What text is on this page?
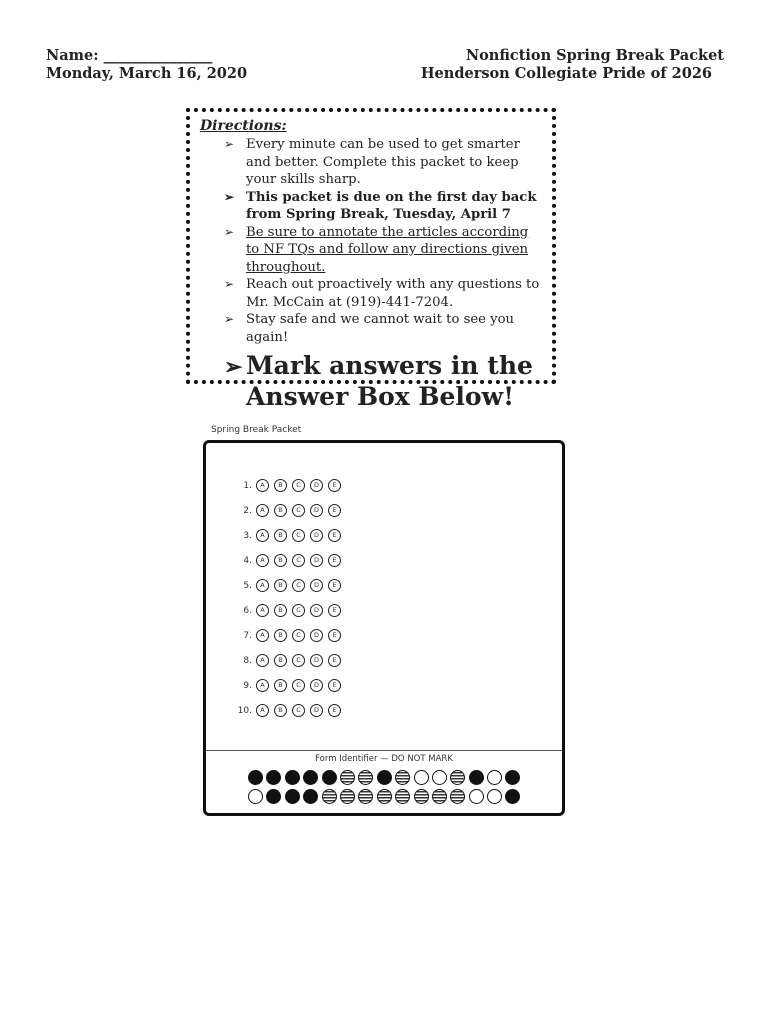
Name: _______________
Monday, March 16, 2020
Nonfiction Spring Break Packet
Henderson Collegiate Pride of 2026
Directions:
➢ Every minute can be used to get smarter and better. Complete this packet to keep your skills sharp.
➢ This packet is due on the first day back from Spring Break, Tuesday, April 7
➢ Be sure to annotate the articles according to NF TQs and follow any directions given throughout.
➢ Reach out proactively with any questions to Mr. McCain at (919)-441-7204.
➢ Stay safe and we cannot wait to see you again!
➢ Mark answers in the Answer Box Below!
Spring Break Packet
1.	A	B	C	D	E
2.	A	B	C	D	E
3.	A	B	C	D	E
4.	A	B	C	D	E
5.	A	B	C	D	E
6.	A	B	C	D	E
7.	A	B	C	D	E
8.	A	B	C	D	E
9.	A	B	C	D	E
10.	A	B	C	D	E
Form Identifier — DO NOT MARK
